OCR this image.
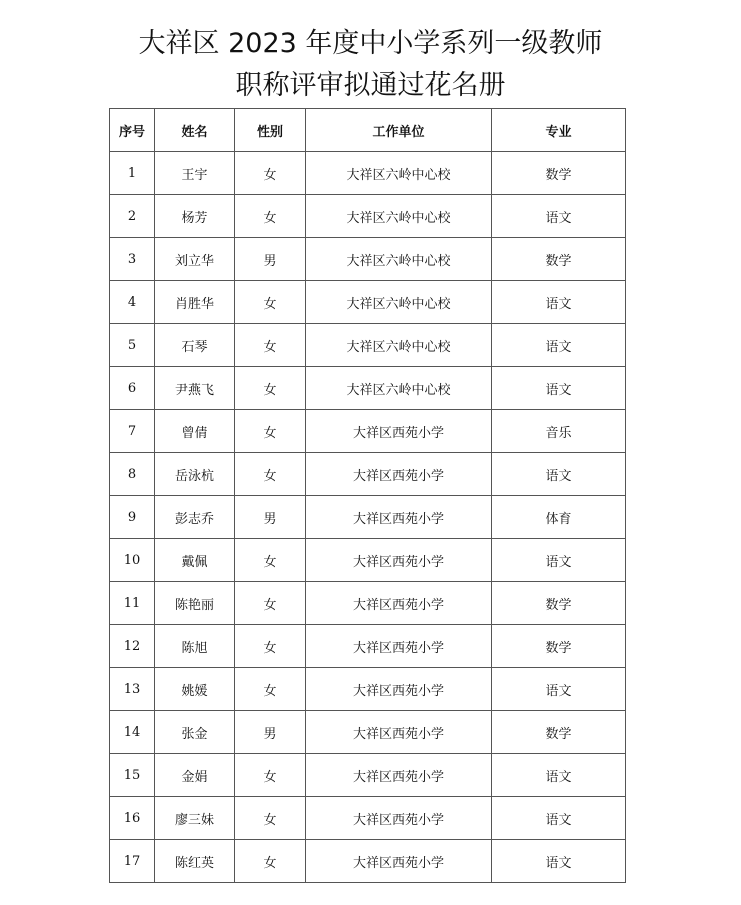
大祥区 2023 年度中小学系列一级教师
职称评审拟通过花名册
序号	姓名	性别	工作单位	专业
1	王宇	女	大祥区六岭中心校	数学
2	杨芳	女	大祥区六岭中心校	语文
3	刘立华	男	大祥区六岭中心校	数学
4	肖胜华	女	大祥区六岭中心校	语文
5	石琴	女	大祥区六岭中心校	语文
6	尹燕飞	女	大祥区六岭中心校	语文
7	曾倩	女	大祥区西苑小学	音乐
8	岳泳杭	女	大祥区西苑小学	语文
9	彭志乔	男	大祥区西苑小学	体育
10	戴佩	女	大祥区西苑小学	语文
11	陈艳丽	女	大祥区西苑小学	数学
12	陈旭	女	大祥区西苑小学	数学
13	姚媛	女	大祥区西苑小学	语文
14	张金	男	大祥区西苑小学	数学
15	金娟	女	大祥区西苑小学	语文
16	廖三妹	女	大祥区西苑小学	语文
17	陈红英	女	大祥区西苑小学	语文
